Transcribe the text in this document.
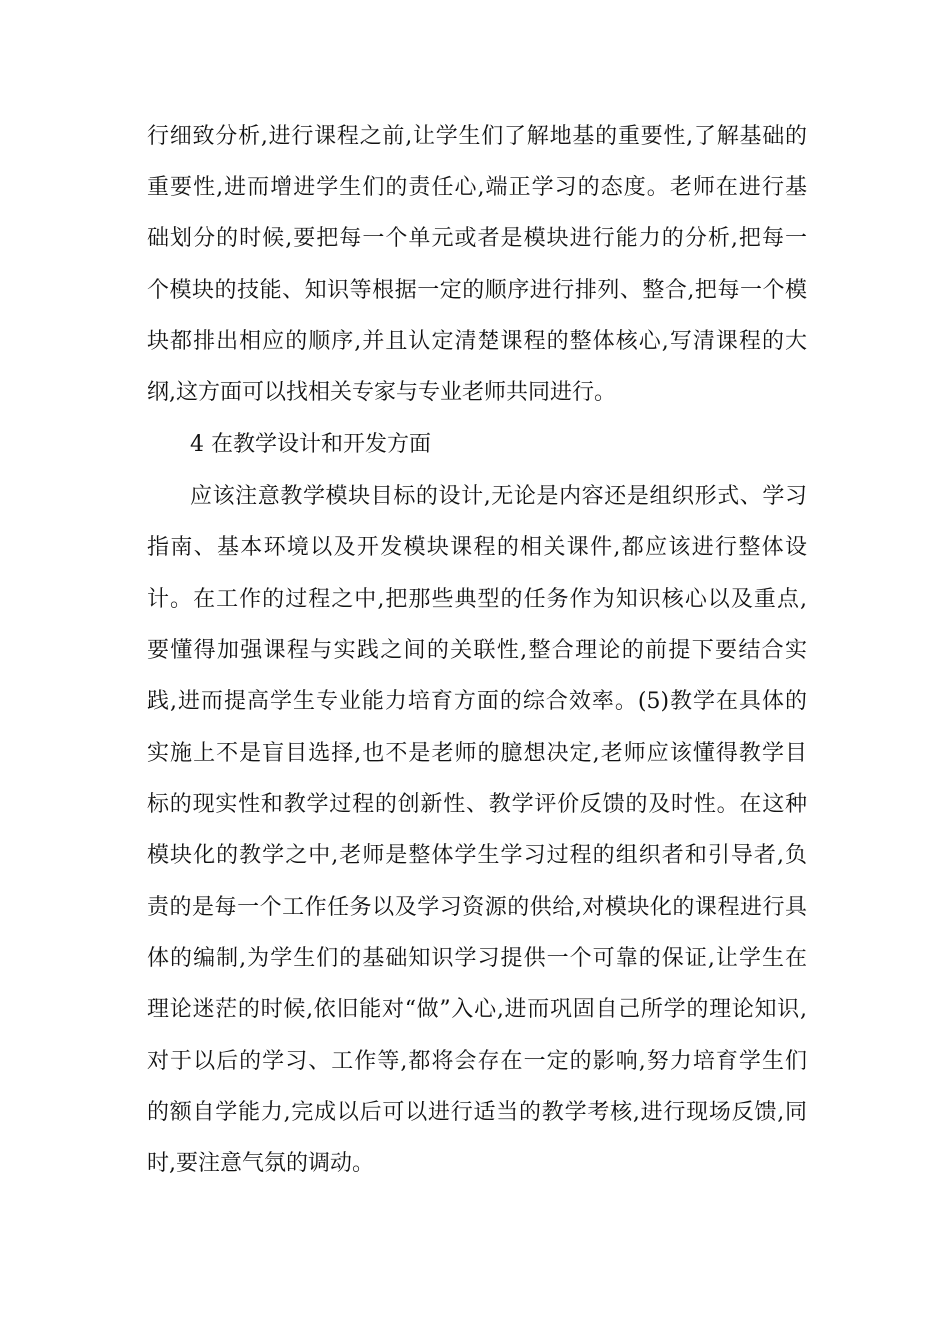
行细致分析,进行课程之前,让学生们了解地基的重要性,了解基础的
重要性,进而增进学生们的责任心,端正学习的态度。老师在进行基
础划分的时候,要把每一个单元或者是模块进行能力的分析,把每一
个模块的技能、知识等根据一定的顺序进行排列、整合,把每一个模
块都排出相应的顺序,并且认定清楚课程的整体核心,写清课程的大
纲,这方面可以找相关专家与专业老师共同进行。
4 在教学设计和开发方面
应该注意教学模块目标的设计,无论是内容还是组织形式、学习
指南、基本环境以及开发模块课程的相关课件,都应该进行整体设
计。在工作的过程之中,把那些典型的任务作为知识核心以及重点,
要懂得加强课程与实践之间的关联性,整合理论的前提下要结合实
践,进而提高学生专业能力培育方面的综合效率。(5)教学在具体的
实施上不是盲目选择,也不是老师的臆想决定,老师应该懂得教学目
标的现实性和教学过程的创新性、教学评价反馈的及时性。在这种
模块化的教学之中,老师是整体学生学习过程的组织者和引导者,负
责的是每一个工作任务以及学习资源的供给,对模块化的课程进行具
体的编制,为学生们的基础知识学习提供一个可靠的保证,让学生在
理论迷茫的时候,依旧能对“做”入心,进而巩固自己所学的理论知识,
对于以后的学习、工作等,都将会存在一定的影响,努力培育学生们
的额自学能力,完成以后可以进行适当的教学考核,进行现场反馈,同
时,要注意气氛的调动。
